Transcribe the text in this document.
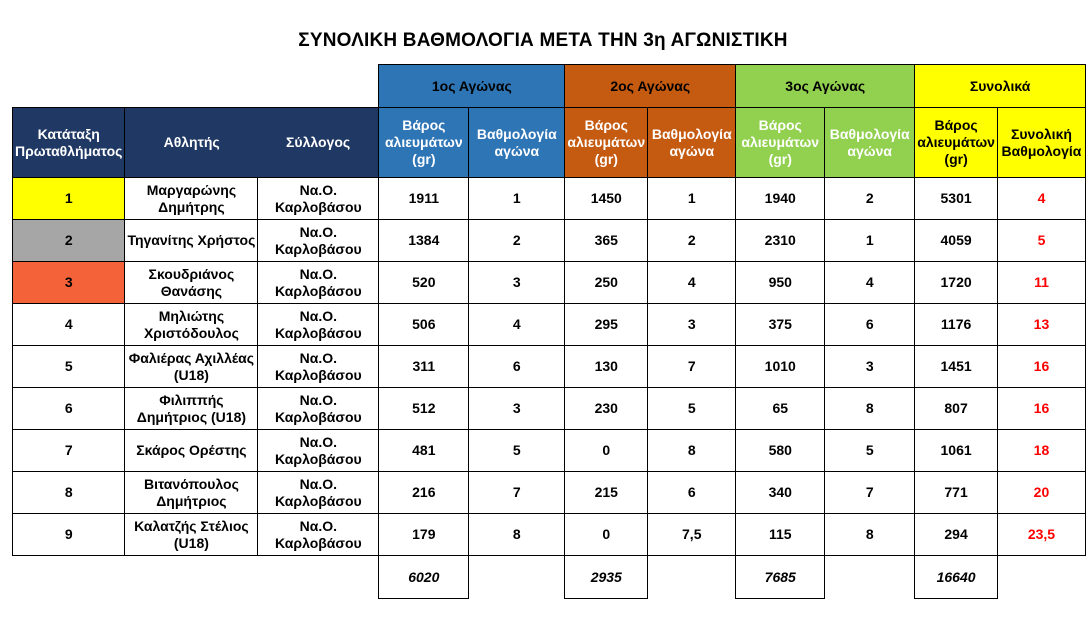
ΣΥΝΟΛΙΚΗ ΒΑΘΜΟΛΟΓΙΑ ΜΕΤΑ ΤΗΝ 3η ΑΓΩΝΙΣΤΙΚΗ
			1ος Αγώνας		2ος Αγώνας		3ος Αγώνας		Συνολικά	
Κατάταξη Πρωταθλήματος	Αθλητής	Σύλλογος	Βάρος αλιευμάτων (gr)	Βαθμολογία αγώνα	Βάρος αλιευμάτων (gr)	Βαθμολογία αγώνα	Βάρος αλιευμάτων (gr)	Βαθμολογία αγώνα	Βάρος αλιευμάτων (gr)	Συνολική Βαθμολογία
1	Μαργαρώνης Δημήτρης	Να.Ο. Καρλοβάσου	1911	1	1450	1	1940	2	5301	4
2	Τηγανίτης Χρήστος	Να.Ο. Καρλοβάσου	1384	2	365	2	2310	1	4059	5
3	Σκουδριάνος Θανάσης	Να.Ο. Καρλοβάσου	520	3	250	4	950	4	1720	11
4	Μηλιώτης Χριστόδουλος	Να.Ο. Καρλοβάσου	506	4	295	3	375	6	1176	13
5	Φαλιέρας Αχιλλέας (U18)	Να.Ο. Καρλοβάσου	311	6	130	7	1010	3	1451	16
6	Φιλιππής Δημήτριος (U18)	Να.Ο. Καρλοβάσου	512	3	230	5	65	8	807	16
7	Σκάρος Ορέστης	Να.Ο. Καρλοβάσου	481	5	0	8	580	5	1061	18
8	Βιτανόπουλος Δημήτριος	Να.Ο. Καρλοβάσου	216	7	215	6	340	7	771	20
9	Καλατζής Στέλιος (U18)	Να.Ο. Καρλοβάσου	179	8	0	7,5	115	8	294	23,5
			6020		2935		7685		16640	
